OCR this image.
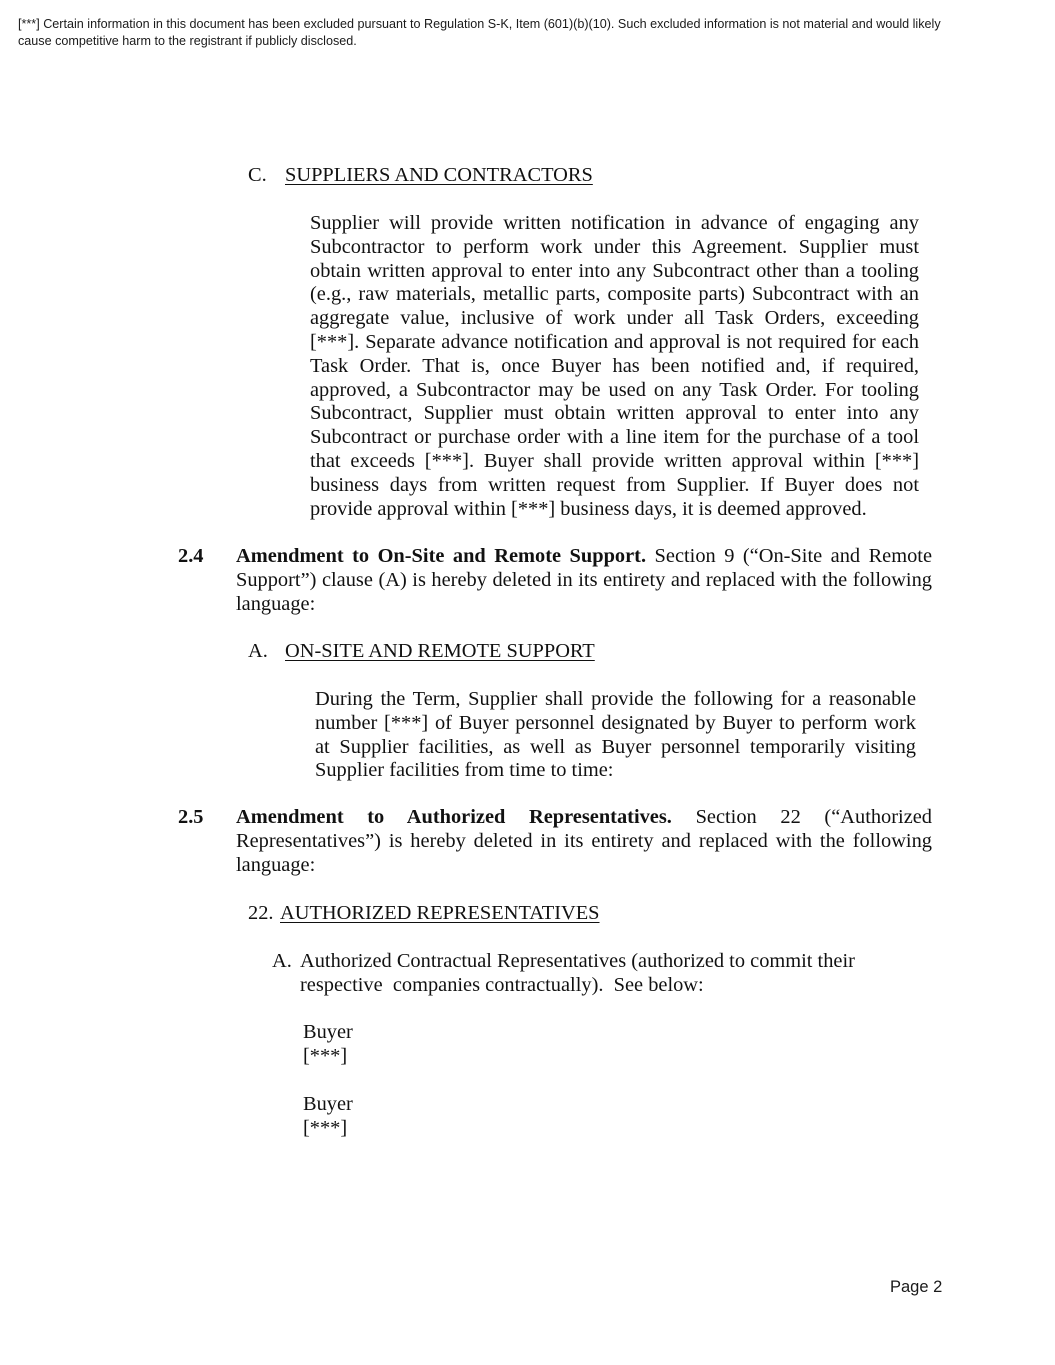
[***] Certain information in this document has been excluded pursuant to Regulation S-K, Item (601)(b)(10). Such excluded information is not material and would likely cause competitive harm to the registrant if publicly disclosed.
C. SUPPLIERS AND CONTRACTORS
Supplier will provide written notification in advance of engaging any Subcontractor to perform work under this Agreement. Supplier must obtain written approval to enter into any Subcontract other than a tooling (e.g., raw materials, metallic parts, composite parts) Subcontract with an aggregate value, inclusive of work under all Task Orders, exceeding [***]. Separate advance notification and approval is not required for each Task Order. That is, once Buyer has been notified and, if required, approved, a Subcontractor may be used on any Task Order. For tooling Subcontract, Supplier must obtain written approval to enter into any Subcontract or purchase order with a line item for the purchase of a tool that exceeds [***]. Buyer shall provide written approval within [***] business days from written request from Supplier. If Buyer does not provide approval within [***] business days, it is deemed approved.
2.4 Amendment to On-Site and Remote Support. Section 9 (“On-Site and Remote Support”) clause (A) is hereby deleted in its entirety and replaced with the following language:
A. ON-SITE AND REMOTE SUPPORT
During the Term, Supplier shall provide the following for a reasonable number [***] of Buyer personnel designated by Buyer to perform work at Supplier facilities, as well as Buyer personnel temporarily visiting Supplier facilities from time to time:
2.5 Amendment to Authorized Representatives. Section 22 (“Authorized Representatives”) is hereby deleted in its entirety and replaced with the following language:
22. AUTHORIZED REPRESENTATIVES
A. Authorized Contractual Representatives (authorized to commit their
respective  companies contractually).  See below:
Buyer
[***]
Buyer
[***]
Page 2
